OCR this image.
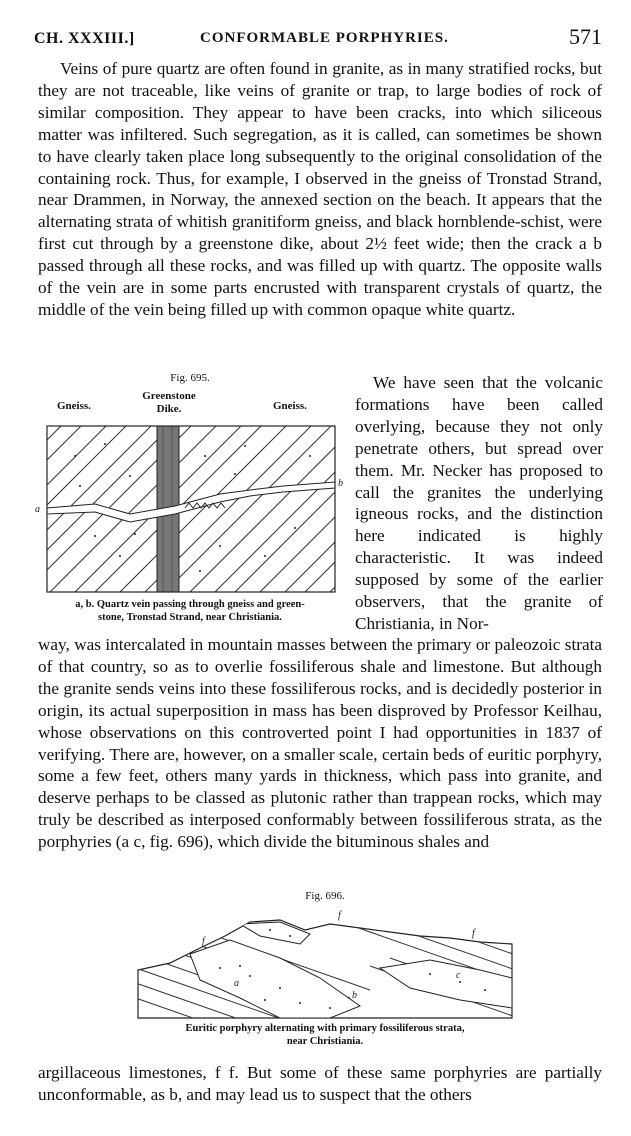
CH. XXXIII.]	CONFORMABLE PORPHYRIES.	571

Veins of pure quartz are often found in granite, as in many stratified rocks, but they are not traceable, like veins of granite or trap, to large bodies of rock of similar composition. They appear to have been cracks, into which siliceous matter was infiltered. Such segregation, as it is called, can sometimes be shown to have clearly taken place long subsequently to the original consolidation of the containing rock. Thus, for example, I observed in the gneiss of Tronstad Strand, near Drammen, in Norway, the annexed section on the beach. It appears that the alternating strata of whitish granitiform gneiss, and black hornblende-schist, were first cut through by a greenstone dike, about 2½ feet wide; then the crack a b passed through all these rocks, and was filled up with quartz. The opposite walls of the vein are in some parts encrusted with transparent crystals of quartz, the middle of the vein being filled up with common opaque white quartz.

Fig. 695.
Gneiss.
Greenstone
Dike.	Gneiss.
a
b
a, b. Quartz vein passing through gneiss and green-
stone, Tronstad Strand, near Christiania.

We have seen that the volcanic formations have been called overlying, because they not only penetrate others, but spread over them. Mr. Necker has proposed to call the granites the underlying igneous rocks, and the distinction here indicated is highly characteristic. It was indeed supposed by some of the earlier observers, that the granite of Christiania, in Nor-

way, was intercalated in mountain masses between the primary or paleozoic strata of that country, so as to overlie fossiliferous shale and limestone. But although the granite sends veins into these fossiliferous rocks, and is decidedly posterior in origin, its actual superposition in mass has been disproved by Professor Keilhau, whose observations on this controverted point I had opportunities in 1837 of verifying. There are, however, on a smaller scale, certain beds of euritic porphyry, some a few feet, others many yards in thickness, which pass into granite, and deserve perhaps to be classed as plutonic rather than trappean rocks, which may truly be described as interposed conformably between fossiliferous strata, as the porphyries (a c, fig. 696), which divide the bituminous shales and

Fig. 696.
a
b
c
f
f
f
Euritic porphyry alternating with primary fossiliferous strata,
near Christiania.

argillaceous limestones, f f. But some of these same porphyries are partially unconformable, as b, and may lead us to suspect that the others
